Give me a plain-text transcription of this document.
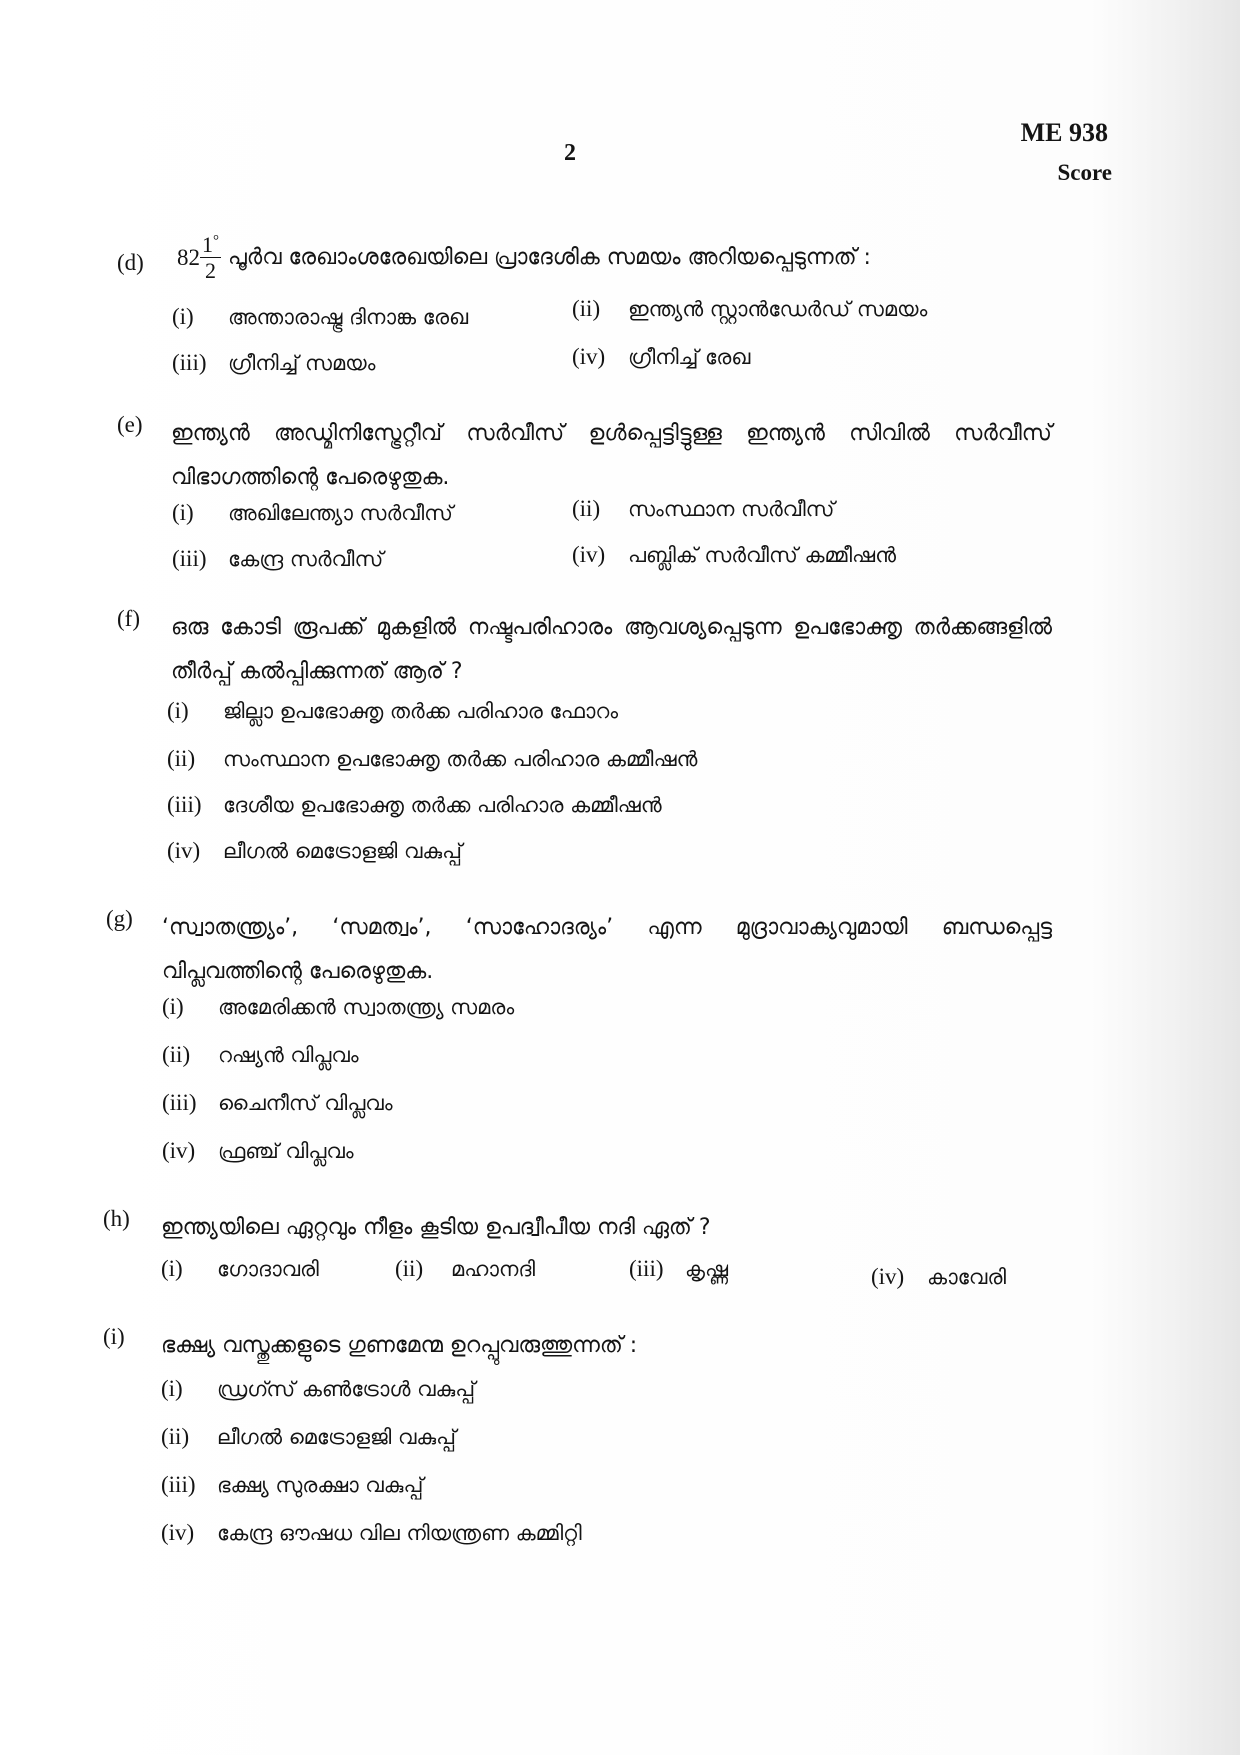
2
ME 938
Score
(d) $82 \frac{1^\circ}{2}$ പൂർവ രേഖാംശരേഖയിലെ പ്രാദേശിക സമയം അറിയപ്പെടുന്നത് :
(i) അന്താരാഷ്ട്ര ദിനാങ്ക രേഖ	(ii) ഇന്ത്യൻ സ്റ്റാൻഡേർഡ് സമയം
(iii) ഗ്രീനിച്ച് സമയം	(iv) ഗ്രീനിച്ച് രേഖ
(e) ഇന്ത്യൻ അഡ്മിനിസ്ട്രേറ്റീവ് സർവീസ് ഉൾപ്പെട്ടിട്ടുള്ള ഇന്ത്യൻ സിവിൽ സർവീസ് വിഭാഗത്തിന്റെ പേരെഴുതുക.
(i) അഖിലേന്ത്യാ സർവീസ്	(ii) സംസ്ഥാന സർവീസ്
(iii) കേന്ദ്ര സർവീസ്	(iv) പബ്ലിക് സർവീസ് കമ്മീഷൻ
(f) ഒരു കോടി രൂപക്ക് മുകളിൽ നഷ്ടപരിഹാരം ആവശ്യപ്പെടുന്ന ഉപഭോക്തൃ തർക്കങ്ങളിൽ തീർപ്പ് കൽപ്പിക്കുന്നത് ആര് ?
(i) ജില്ലാ ഉപഭോക്തൃ തർക്ക പരിഹാര ഫോറം
(ii) സംസ്ഥാന ഉപഭോക്തൃ തർക്ക പരിഹാര കമ്മീഷൻ
(iii) ദേശീയ ഉപഭോക്തൃ തർക്ക പരിഹാര കമ്മീഷൻ
(iv) ലീഗൽ മെട്രോളജി വകുപ്പ്
(g) ‘സ്വാതന്ത്ര്യം’, ‘സമത്വം’, ‘സാഹോദര്യം’ എന്ന മുദ്രാവാക്യവുമായി ബന്ധപ്പെട്ട വിപ്ലവത്തിന്റെ പേരെഴുതുക.
(i) അമേരിക്കൻ സ്വാതന്ത്ര്യ സമരം
(ii) റഷ്യൻ വിപ്ലവം
(iii) ചൈനീസ് വിപ്ലവം
(iv) ഫ്രഞ്ച് വിപ്ലവം
(h) ഇന്ത്യയിലെ ഏറ്റവും നീളം കൂടിയ ഉപദ്വീപീയ നദി ഏത് ?
(i) ഗോദാവരി	(ii) മഹാനദി	(iii) കൃഷ്ണ	(iv) കാവേരി
(i) ഭക്ഷ്യ വസ്തുക്കളുടെ ഗുണമേന്മ ഉറപ്പുവരുത്തുന്നത് :
(i) ഡ്രഗ്സ് കൺട്രോൾ വകുപ്പ്
(ii) ലീഗൽ മെട്രോളജി വകുപ്പ്
(iii) ഭക്ഷ്യ സുരക്ഷാ വകുപ്പ്
(iv) കേന്ദ്ര ഔഷധ വില നിയന്ത്രണ കമ്മിറ്റി
